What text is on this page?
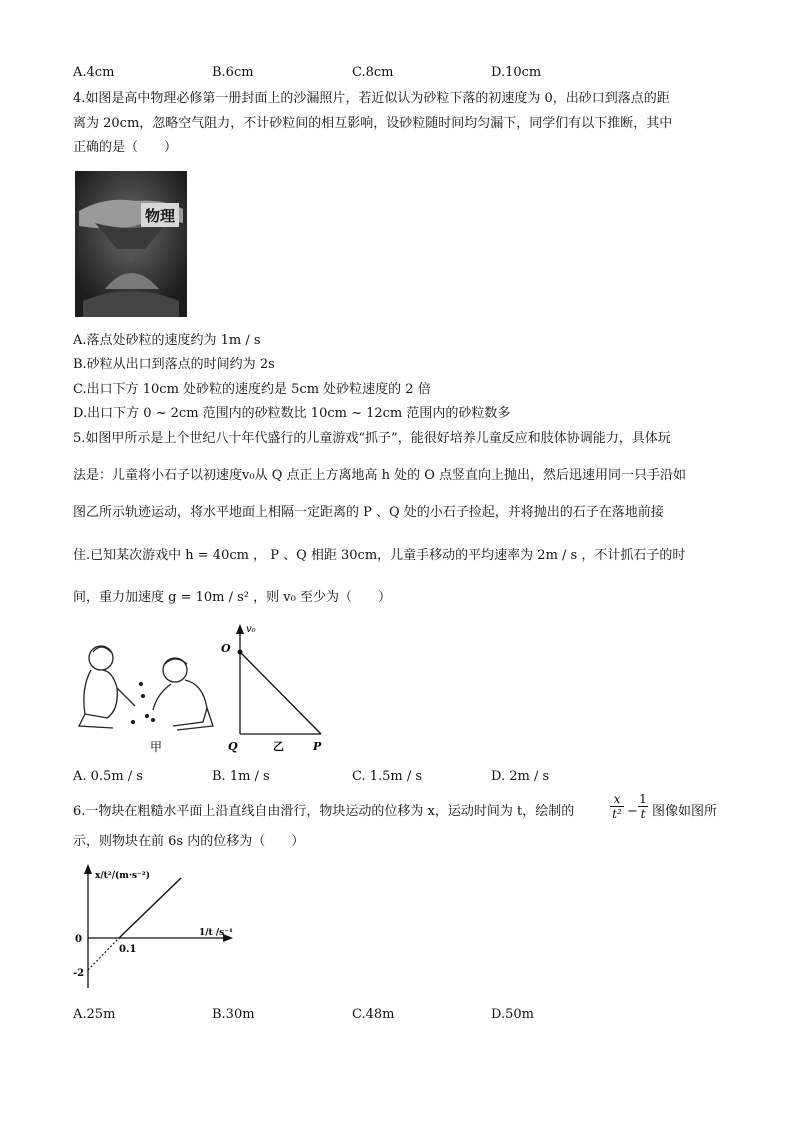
A.4cm	B.6cm	C.8cm	D.10cm
4.如图是高中物理必修第一册封面上的沙漏照片，若近似认为砂粒下落的初速度为 0，出砂口到落点的距
离为 20cm，忽略空气阻力，不计砂粒间的相互影响，设砂粒随时间均匀漏下，同学们有以下推断，其中
正确的是（　　）
物理
A.落点处砂粒的速度约为 1m / s
B.砂粒从出口到落点的时间约为 2s
C.出口下方 10cm 处砂粒的速度约是 5cm 处砂粒速度的 2 倍
D.出口下方 0 ~ 2cm 范围内的砂粒数比 10cm ~ 12cm 范围内的砂粒数多
5.如图甲所示是上个世纪八十年代盛行的儿童游戏“抓子”，能很好培养儿童反应和肢体协调能力，具体玩
法是：儿童将小石子以初速度v₀从 Q 点正上方离地高 h 处的 O 点竖直向上抛出，然后迅速用同一只手沿如
图乙所示轨迹运动，将水平地面上相隔一定距离的 P 、Q 处的小石子捡起，并将抛出的石子在落地前接
住.已知某次游戏中 h = 40cm ， P 、Q 相距 30cm，儿童手移动的平均速率为 2m / s ，不计抓石子的时
间，重力加速度 g = 10m / s² ，则 v₀ 至少为（　　）
甲
v₀
O
Q	P
乙
A. 0.5m / s	B. 1m / s	C. 1.5m / s	D. 2m / s
6.一物块在粗糙水平面上沿直线自由滑行，物块运动的位移为 x，运动时间为 t，绘制的	$\frac{x}{\text{t²}} - \frac{1}{t}$ 图像如图所
示，则物块在前 6s 内的位移为（　　）
x/t²/(m·s⁻²)
1/t /s⁻¹
0
-2
0.1
A.25m	B.30m	C.48m	D.50m
